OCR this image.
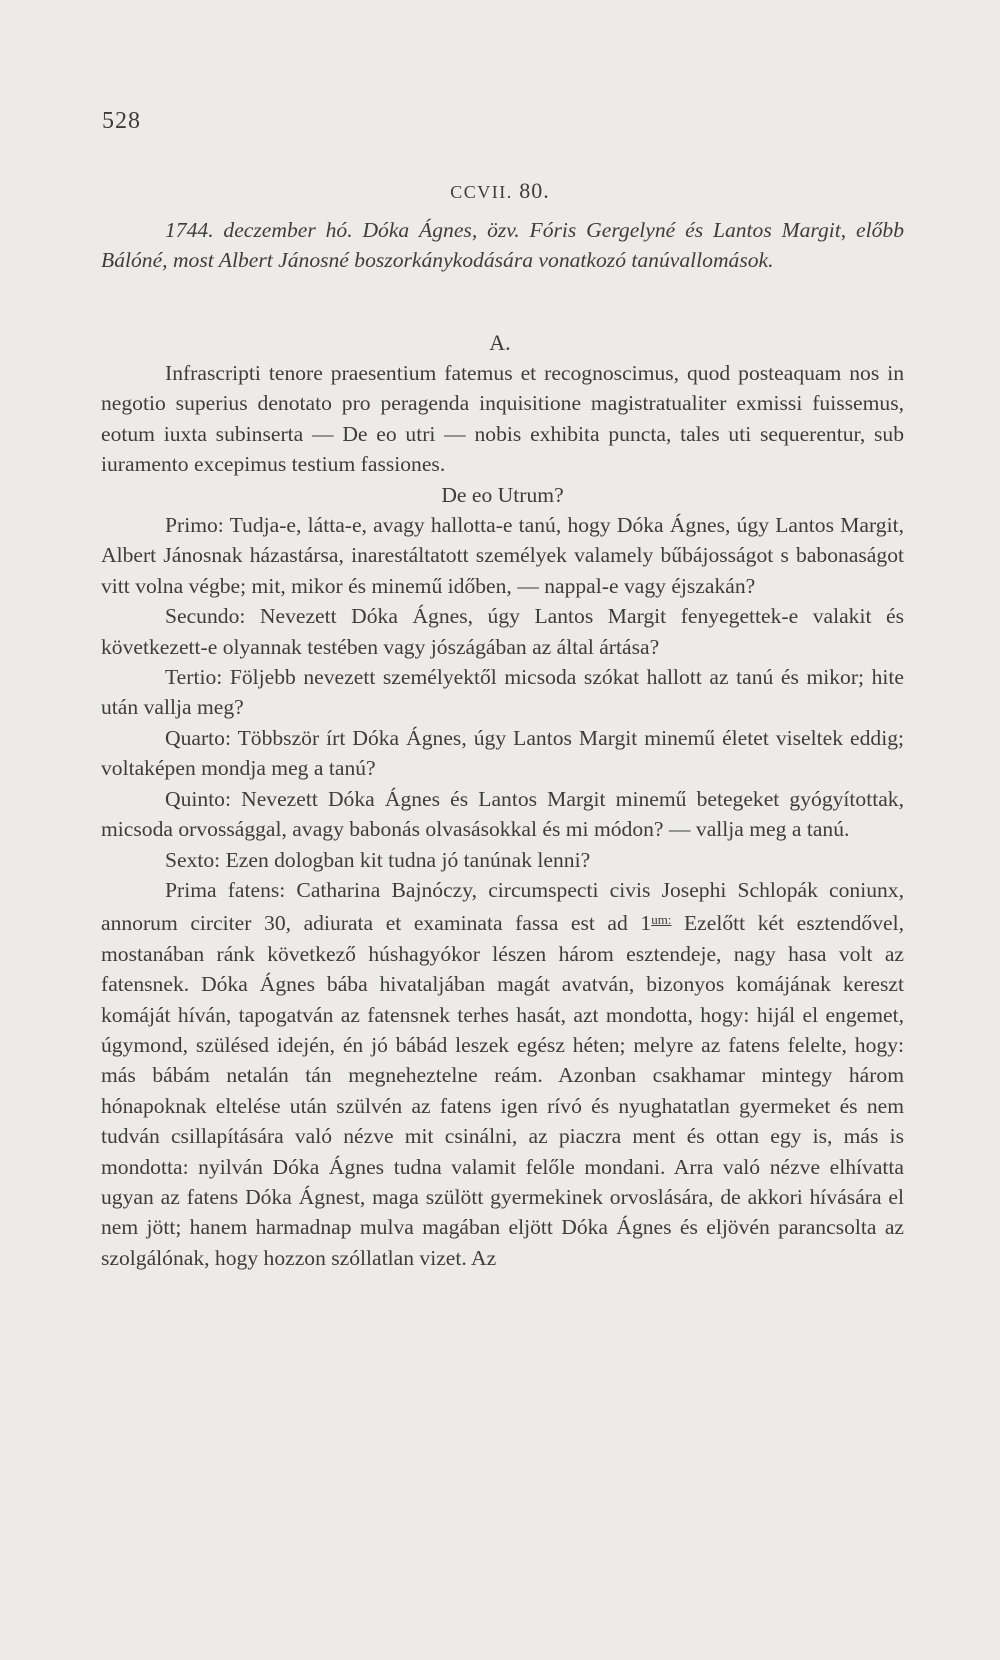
528
CCVII. 80.
1744. deczember hó. Dóka Ágnes, özv. Fóris Gergelyné és Lantos Margit, előbb Bálóné, most Albert Jánosné boszorkánykodására vonatkozó tanúvallomások.
A.

Infrascripti tenore praesentium fatemus et recognoscimus, quod posteaquam nos in negotio superius denotato pro peragenda inquisitione magistratualiter exmissi fuissemus, eotum iuxta subinserta — De eo utri — nobis exhibita puncta, tales uti sequerentur, sub iuramento excepimus testium fassiones.

De eo Utrum?

Primo: Tudja-e, látta-e, avagy hallotta-e tanú, hogy Dóka Ágnes, úgy Lantos Margit, Albert Jánosnak házastársa, inarestáltatott személyek valamely bűbájosságot s babonaságot vitt volna végbe; mit, mikor és minemű időben, — nappal-e vagy éjszakán?

Secundo: Nevezett Dóka Ágnes, úgy Lantos Margit fenyegettek-e valakit és következett-e olyannak testében vagy jószágában az által ártása?

Tertio: Följebb nevezett személyektől micsoda szókat hallott az tanú és mikor; hite után vallja meg?

Quarto: Többször írt Dóka Ágnes, úgy Lantos Margit minemű életet viseltek eddig; voltaképen mondja meg a tanú?

Quinto: Nevezett Dóka Ágnes és Lantos Margit minemű betegeket gyógyítottak, micsoda orvossággal, avagy babonás olvasásokkal és mi módon? — vallja meg a tanú.

Sexto: Ezen dologban kit tudna jó tanúnak lenni?

Prima fatens: Catharina Bajnóczy, circumspecti civis Josephi Schlopák coniunx, annorum circiter 30, adiurata et examinata fassa est ad $1^{um:}$ Ezelőtt két esztendővel, mostanában ránk következő húshagyókor lészen három esztendeje, nagy hasa volt az fatensnek. Dóka Ágnes bába hivataljában magát avatván, bizonyos komájának kereszt komáját híván, tapogatván az fatensnek terhes hasát, azt mondotta, hogy: hijál el engemet, úgymond, szülésed idején, én jó bábád leszek egész héten; melyre az fatens felelte, hogy: más bábám netalán tán megneheztelne reám. Azonban csakhamar mintegy három hónapoknak eltelése után szülvén az fatens igen rívó és nyughatatlan gyermeket és nem tudván csillapítására való nézve mit csinálni, az piaczra ment és ottan egy is, más is mondotta: nyilván Dóka Ágnes tudna valamit felőle mondani. Arra való nézve elhívatta ugyan az fatens Dóka Ágnest, maga szülött gyermekinek orvoslására, de akkori hívására el nem jött; hanem harmadnap mulva magában eljött Dóka Ágnes és eljövén parancsolta az szolgálónak, hogy hozzon szóllatlan vizet. Az
